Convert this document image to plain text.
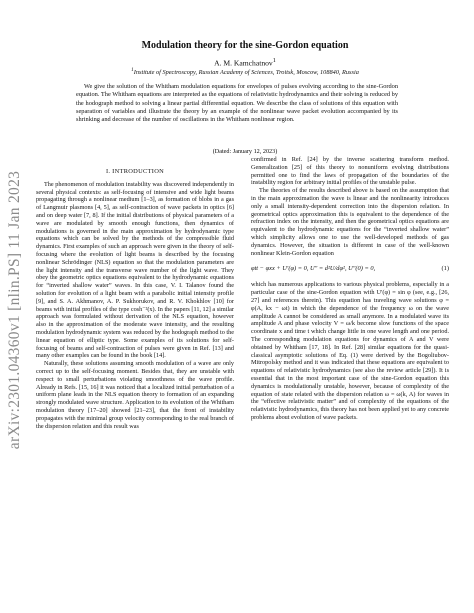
arXiv:2301.04360v1 [nlin.PS] 11 Jan 2023
Modulation theory for the sine-Gordon equation
A. M. Kamchatnov$^1$
$^1$Institute of Spectroscopy, Russian Academy of Sciences, Troitsk, Moscow, 108840, Russia
We give the solution of the Whitham modulation equations for envelopes of pulses evolving according to the sine-Gordon equation. The Whitham equations are interpreted as the equations of relativistic hydrodynamics and their solving is reduced by the hodograph method to solving a linear partial differential equation. We describe the class of solutions of this equation with separation of variables and illustrate the theory by an example of the nonlinear wave packet evolution accompanied by its shrinking and decrease of the number of oscillations in the Whitham nonlinear region.
(Dated: January 12, 2023)
I. INTRODUCTION

The phenomenon of modulation instability was discovered independently in several physical contexts: as self-focusing of intensive and wide light beams propagating through a nonlinear medium [1–3], as formation of blobs in a gas of Langmuir plasmons [4, 5], as self-contraction of wave packets in optics [6] and on deep water [7, 8]. If the initial distributions of physical parameters of a wave are modulated by smooth enough functions, then dynamics of modulations is governed in the main approximation by hydrodynamic type equations which can be solved by the methods of the compressible fluid dynamics. First examples of such an approach were given in the theory of self-focusing where the evolution of light beams is described by the focusing nonlinear Schrödinger (NLS) equation so that the modulation parameters are the light intensity and the transverse wave number of the light wave. They obey the geometric optics equations equivalent to the hydrodynamic equations for “inverted shallow water” waves. In this case, V. I. Talanov found the solution for evolution of a light beam with a parabolic initial intensity profile [9], and S. A. Akhmanov, A. P. Sukhorukov, and R. V. Khokhlov [10] for beams with initial profiles of the type cosh⁻²(x). In the papers [11, 12] a similar approach was formulated without derivation of the NLS equation, however also in the approximation of the moderate wave intensity, and the resulting modulation hydrodynamic system was reduced by the hodograph method to the linear equation of elliptic type. Some examples of its solutions for self-focusing of beams and self-contraction of pulses were given in Ref. [13] and many other examples can be found in the book [14].

Naturally, these solutions assuming smooth modulation of a wave are only correct up to the self-focusing moment. Besides that, they are unstable with respect to small perturbations violating smoothness of the wave profile. Already in Refs. [15, 16] it was noticed that a localized initial perturbation of a uniform plane leads in the NLS equation theory to formation of an expanding strongly modulated wave structure. Application to its evolution of the Whitham modulation theory [17–20] showed [21–23], that the front of instability propagates with the minimal group velocity corresponding to the real branch of the dispersion relation and this result was

confirmed in Ref. [24] by the inverse scattering transform method. Generalization [25] of this theory to nonuniform evolving distributions permitted one to find the laws of propagation of the boundaries of the instability region for arbitrary initial profiles of the unstable pulse.

The theories of the results described above is based on the assumption that in the main approximation the wave is linear and the nonlinearity introduces only a small intensity-dependent correction into the dispersion relation. In geometrical optics approximation this is equivalent to the dependence of the refraction index on the intensity, and then the geometrical optics equations are equivalent to the hydrodynamic equations for the “inverted shallow water” which simplicity allows one to use the well-developed methods of gas dynamics. However, the situation is different in case of the well-known nonlinear Klein-Gordon equation

φtt − φxx + U′(φ) = 0, U″ = d²U/dφ², U″(0) = 0,	(1)

which has numerous applications to various physical problems, especially in a particular case of the sine-Gordon equation with U′(φ) = sin φ (see, e.g., [26, 27] and references therein). This equation has traveling wave solutions φ = φ(A, kx − ωt) in which the dependence of the frequency ω on the wave amplitude A cannot be considered as small anymore. In a modulated wave its amplitude A and phase velocity V = ω/k become slow functions of the space coordinate x and time t which change little in one wave length and one period. The corresponding modulation equations for dynamics of A and V were obtained by Whitham [17, 18]. In Ref. [28] similar equations for the quasi-classical asymptotic solutions of Eq. (1) were derived by the Bogoliubov-Mitropolsky method and it was indicated that these equations are equivalent to equations of relativistic hydrodynamics (see also the review article [29]). It is essential that in the most important case of the sine-Gordon equation this dynamics is modulationally unstable, however, because of complexity of the equation of state related with the dispersion relation ω = ω(k, A) for waves in the “effective relativistic matter” and of complexity of the equations of the relativistic hydrodynamics, this theory has not been applied yet to any concrete problems about evolution of wave packets.
